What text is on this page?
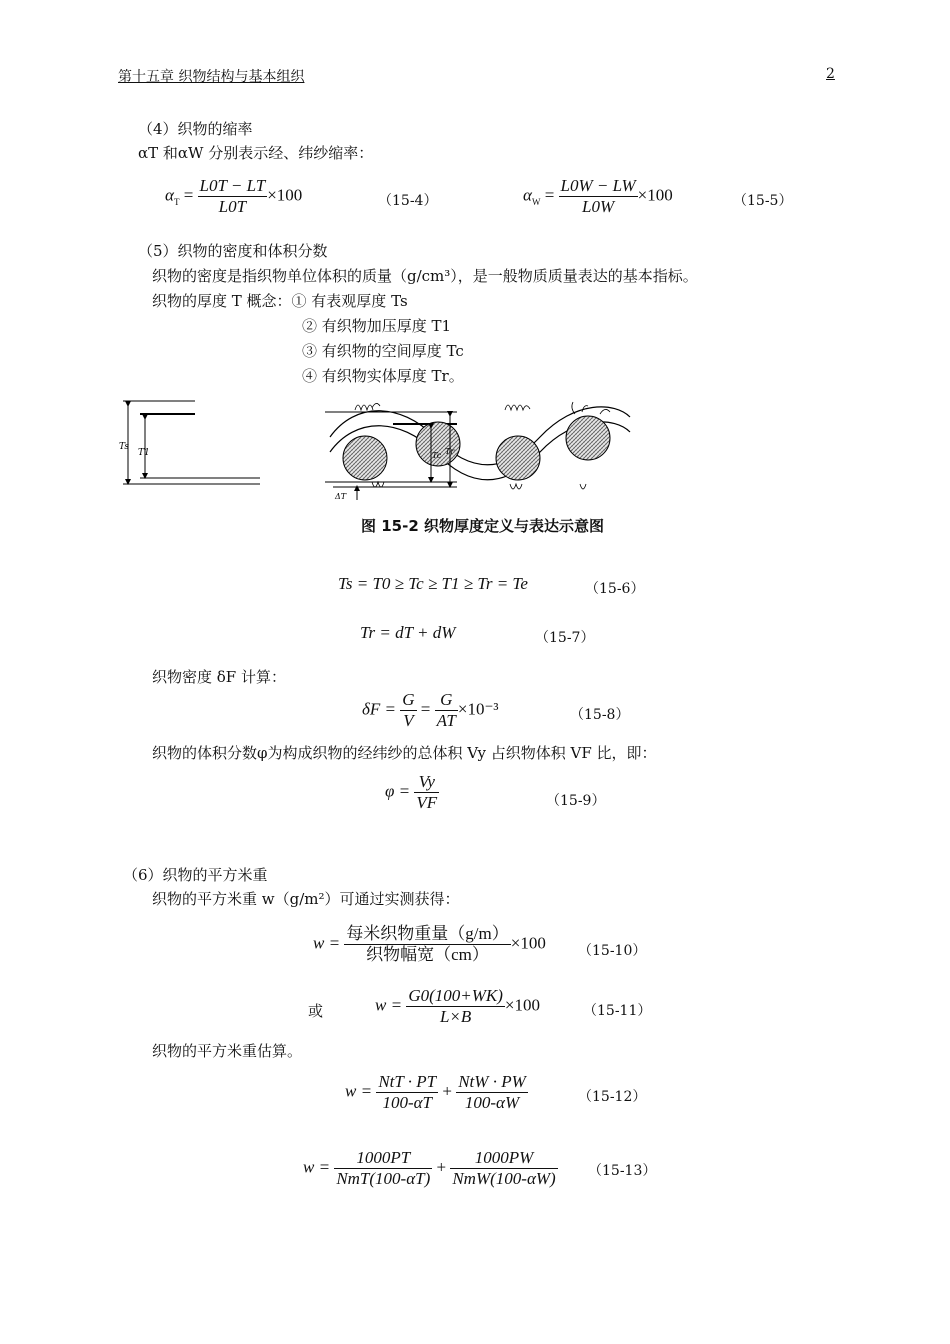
第十五章 织物结构与基本组织	2
（4）织物的缩率
αT 和αW 分别表示经、纬纱缩率：
$\alpha_T = \frac{L0T - LT}{L0T} \times 100$	（15-4）	$\alpha_W = \frac{L0W - LW}{L0W} \times 100$	（15-5）
（5）织物的密度和体积分数
织物的密度是指织物单位体积的质量（g/cm³），是一般物质质量表达的基本指标。
织物的厚度 T 概念：① 有表观厚度 Ts
② 有织物加压厚度 T1
③ 有织物的空间厚度 Tc
④ 有织物实体厚度 Tr。
Ts
T1	Tc Tr
ΔT
图 15-2 织物厚度定义与表达示意图
Ts = T0 ≥ Tc ≥ T1 ≥ Tr = Te	（15-6）
Tr = dT + dW	（15-7）
织物密度 δF 计算：
$\delta F = \frac{G}{V} = \frac{G}{AT} \times 10^{-3}$	（15-8）
织物的体积分数φ为构成织物的经纬纱的总体积 Vy 占织物体积 VF 比，即：
$\varphi = \frac{Vy}{VF}$	（15-9）
（6）织物的平方米重
织物的平方米重 w（g/m²）可通过实测获得：
$w = \frac{\text{每米织物重量（g/m）}}{\text{织物幅宽（cm）}} \times 100$ （15-10）
或	$w = \frac{G0(100+WK)}{L\times B} \times 100$	（15-11）
织物的平方米重估算。
$w = \frac{\text{NtT · PT}}{100-\alpha T} + \frac{\text{NtW · PW}}{100-\alpha W}$	（15-12）
$w = \frac{1000PT}{\text{NmT(100-αT)}} + \frac{1000PW}{\text{NmW(100-αW)}} (15-13)$
